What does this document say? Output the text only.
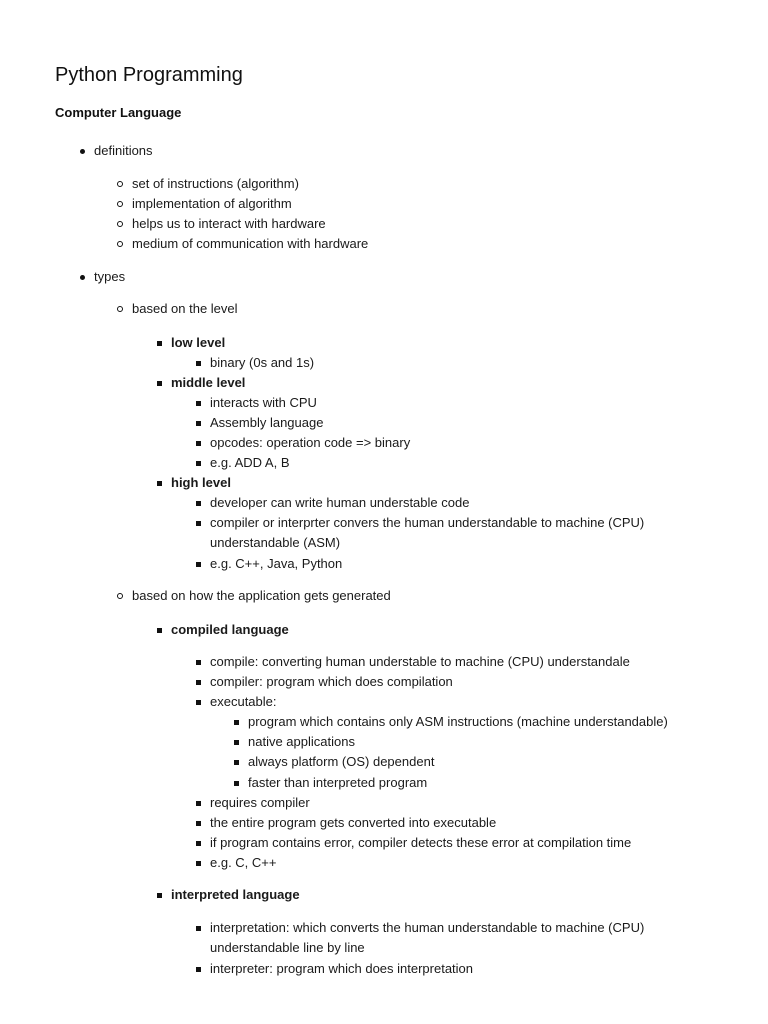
Python Programming
Computer Language
definitions
set of instructions (algorithm)
implementation of algorithm
helps us to interact with hardware
medium of communication with hardware
types
based on the level
low level
binary (0s and 1s)
middle level
interacts with CPU
Assembly language
opcodes: operation code => binary
e.g. ADD A, B
high level
developer can write human understable code
compiler or interprter convers the human understandable to machine (CPU)
understandable (ASM)
e.g. C++, Java, Python
based on how the application gets generated
compiled language
compile: converting human understable to machine (CPU) understandale
compiler: program which does compilation
executable:
program which contains only ASM instructions (machine understandable)
native applications
always platform (OS) dependent
faster than interpreted program
requires compiler
the entire program gets converted into executable
if program contains error, compiler detects these error at compilation time
e.g. C, C++
interpreted language
interpretation: which converts the human understandable to machine (CPU)
understandable line by line
interpreter: program which does interpretation
